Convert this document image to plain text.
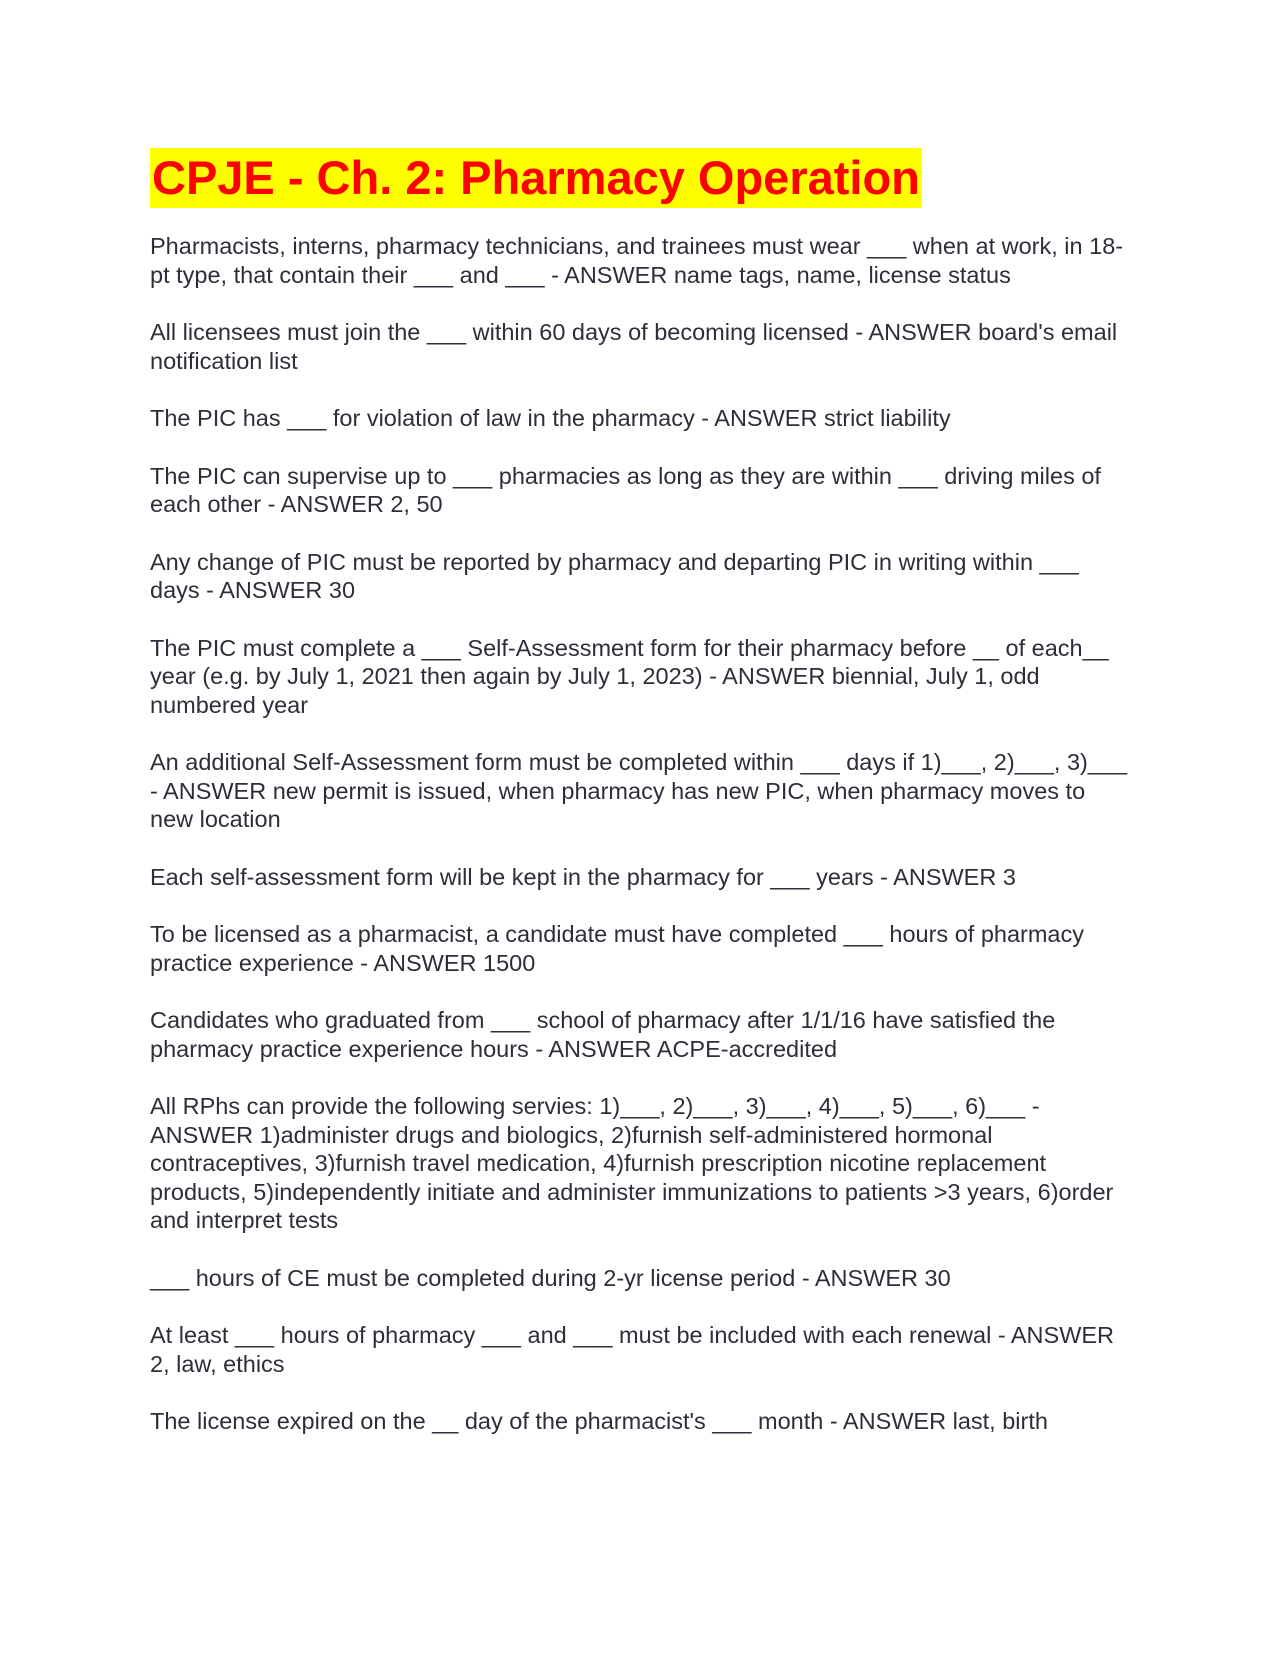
CPJE - Ch. 2: Pharmacy Operation

Pharmacists, interns, pharmacy technicians, and trainees must wear ___ when at work, in 18-pt type, that contain their ___ and ___ - ANSWER name tags, name, license status

All licensees must join the ___ within 60 days of becoming licensed - ANSWER board's email notification list

The PIC has ___ for violation of law in the pharmacy - ANSWER strict liability

The PIC can supervise up to ___ pharmacies as long as they are within ___ driving miles of each other - ANSWER 2, 50

Any change of PIC must be reported by pharmacy and departing PIC in writing within ___ days - ANSWER 30

The PIC must complete a ___ Self-Assessment form for their pharmacy before __ of each__ year (e.g. by July 1, 2021 then again by July 1, 2023) - ANSWER biennial, July 1, odd numbered year

An additional Self-Assessment form must be completed within ___ days if 1)___, 2)___, 3)___ - ANSWER new permit is issued, when pharmacy has new PIC, when pharmacy moves to new location

Each self-assessment form will be kept in the pharmacy for ___ years - ANSWER 3

To be licensed as a pharmacist, a candidate must have completed ___ hours of pharmacy practice experience - ANSWER 1500

Candidates who graduated from ___ school of pharmacy after 1/1/16 have satisfied the pharmacy practice experience hours - ANSWER ACPE-accredited

All RPhs can provide the following servies: 1)___, 2)___, 3)___, 4)___, 5)___, 6)___ - ANSWER 1)administer drugs and biologics, 2)furnish self-administered hormonal contraceptives, 3)furnish travel medication, 4)furnish prescription nicotine replacement products, 5)independently initiate and administer immunizations to patients >3 years, 6)order and interpret tests

___ hours of CE must be completed during 2-yr license period - ANSWER 30

At least ___ hours of pharmacy ___ and ___ must be included with each renewal - ANSWER 2, law, ethics

The license expired on the __ day of the pharmacist's ___ month - ANSWER last, birth
